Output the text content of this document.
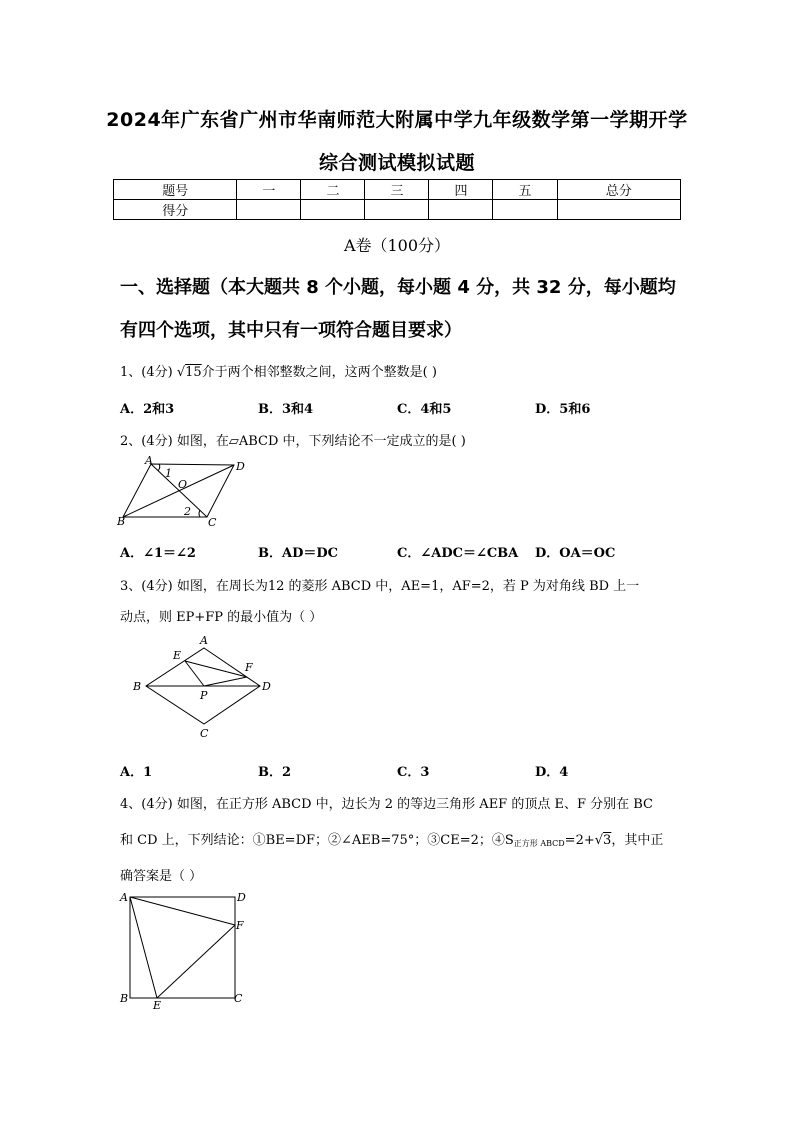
2024年广东省广州市华南师范大附属中学九年级数学第一学期开学
综合测试模拟试题
题号	一	二	三	四	五	总分
得分						
A卷（100分）
一、选择题（本大题共 8 个小题，每小题 4 分，共 32 分，每小题均
有四个选项，其中只有一项符合题目要求）
1、(4分) √15介于两个相邻整数之间，这两个整数是( )
A．2和3	B．3和4	C．4和5	D．5和6
2、(4分) 如图，在▱ABCD 中，下列结论不一定成立的是( )
A	D
B	C
O
1
2
A．∠1＝∠2	B．AD＝DC	C．∠ADC＝∠CBA D．OA＝OC
3、(4分) 如图，在周长为12 的菱形 ABCD 中，AE=1，AF=2，若 P 为对角线 BD 上一
动点，则 EP+FP 的最小值为（ ）
A
E
F
B
P
D
C
A．1	B．2	C．3	D．4
4、(4分) 如图，在正方形 ABCD 中，边长为 2 的等边三角形 AEF 的顶点 E、F 分别在 BC
和 CD 上，下列结论：①BE=DF；②∠AEB=75°；③CE=2；④S正方形 ABCD=2+√3，其中正
确答案是（ ）
A	D
F
B
E
C
